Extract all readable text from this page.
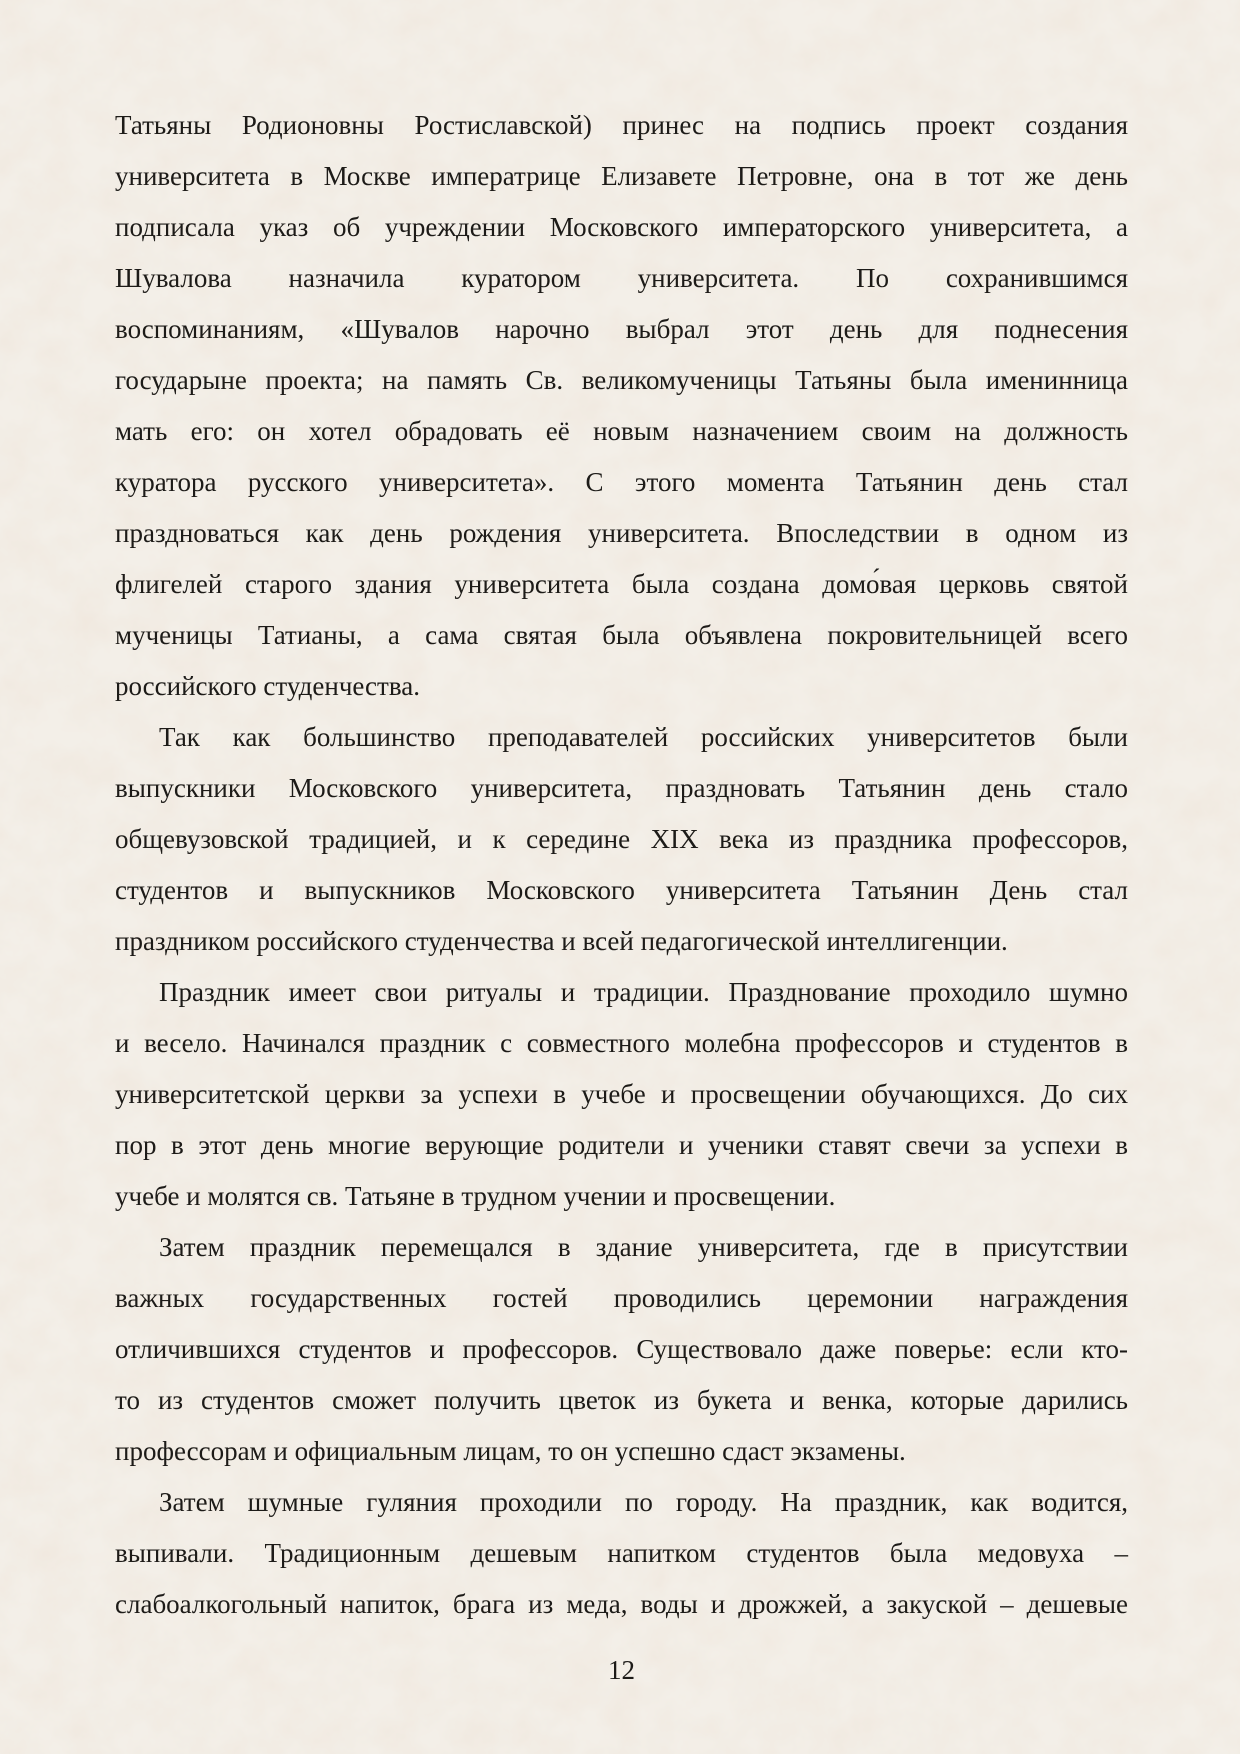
Татьяны Родионовны Ростиславской) принес на подпись проект создания
университета в Москве императрице Елизавете Петровне, она в тот же день
подписала указ об учреждении Московского императорского университета, а
Шувалова назначила куратором университета. По сохранившимся
воспоминаниям, «Шувалов нарочно выбрал этот день для поднесения
государыне проекта; на память Св. великомученицы Татьяны была именинница
мать его: он хотел обрадовать её новым назначением своим на должность
куратора русского университета». С этого момента Татьянин день стал
праздноваться как день рождения университета. Впоследствии в одном из
флигелей старого здания университета была создана домо́вая церковь святой
мученицы Татианы, а сама святая была объявлена покровительницей всего
российского студенчества.
Так как большинство преподавателей российских университетов были
выпускники Московского университета, праздновать Татьянин день стало
общевузовской традицией, и к середине XIX века из праздника профессоров,
студентов и выпускников Московского университета Татьянин День стал
праздником российского студенчества и всей педагогической интеллигенции.
Праздник имеет свои ритуалы и традиции. Празднование проходило шумно
и весело. Начинался праздник с совместного молебна профессоров и студентов в
университетской церкви за успехи в учебе и просвещении обучающихся. До сих
пор в этот день многие верующие родители и ученики ставят свечи за успехи в
учебе и молятся св. Татьяне в трудном учении и просвещении.
Затем праздник перемещался в здание университета, где в присутствии
важных государственных гостей проводились церемонии награждения
отличившихся студентов и профессоров. Существовало даже поверье: если кто-
то из студентов сможет получить цветок из букета и венка, которые дарились
профессорам и официальным лицам, то он успешно сдаст экзамены.
Затем шумные гуляния проходили по городу. На праздник, как водится,
выпивали. Традиционным дешевым напитком студентов была медовуха –
слабоалкогольный напиток, брага из меда, воды и дрожжей, а закуской – дешевые
12
